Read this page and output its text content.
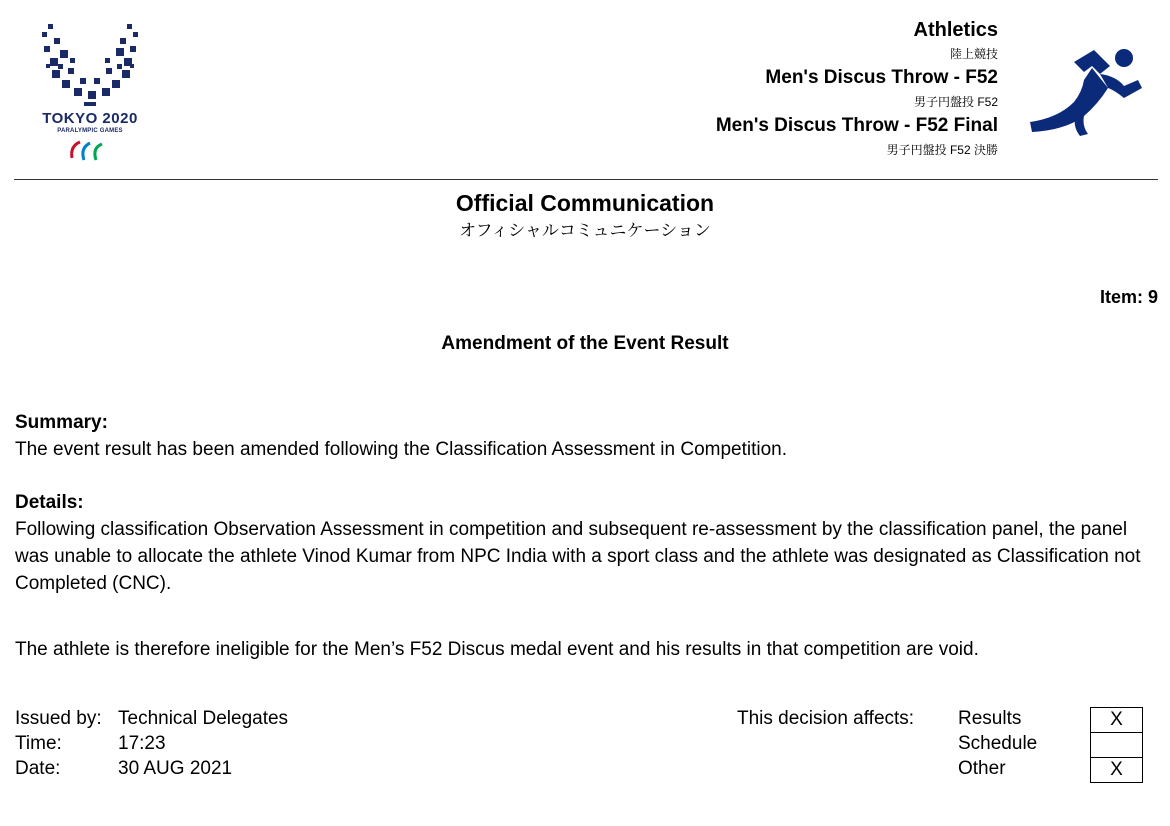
TOKYO 2020
PARALYMPIC GAMES
Athletics
陸上競技
Men's Discus Throw - F52
男子円盤投 F52
Men's Discus Throw - F52 Final
男子円盤投 F52 決勝
Official Communication
オフィシャルコミュニケーション
Item: 9
Amendment of the Event Result

Summary:

The event result has been amended following the Classification Assessment in Competition.

Details:

Following classification Observation Assessment in competition and subsequent re-assessment by the classification panel, the panel was unable to allocate the athlete Vinod Kumar from NPC India with a sport class and the athlete was designated as Classification not Completed (CNC).

The athlete is therefore ineligible for the Men’s F52 Discus medal event and his results in that competition are void.

Issued by: Technical Delegates
Time:	17:23
Date:	30 AUG 2021
This decision affects: Results
Schedule
Other
X
X
